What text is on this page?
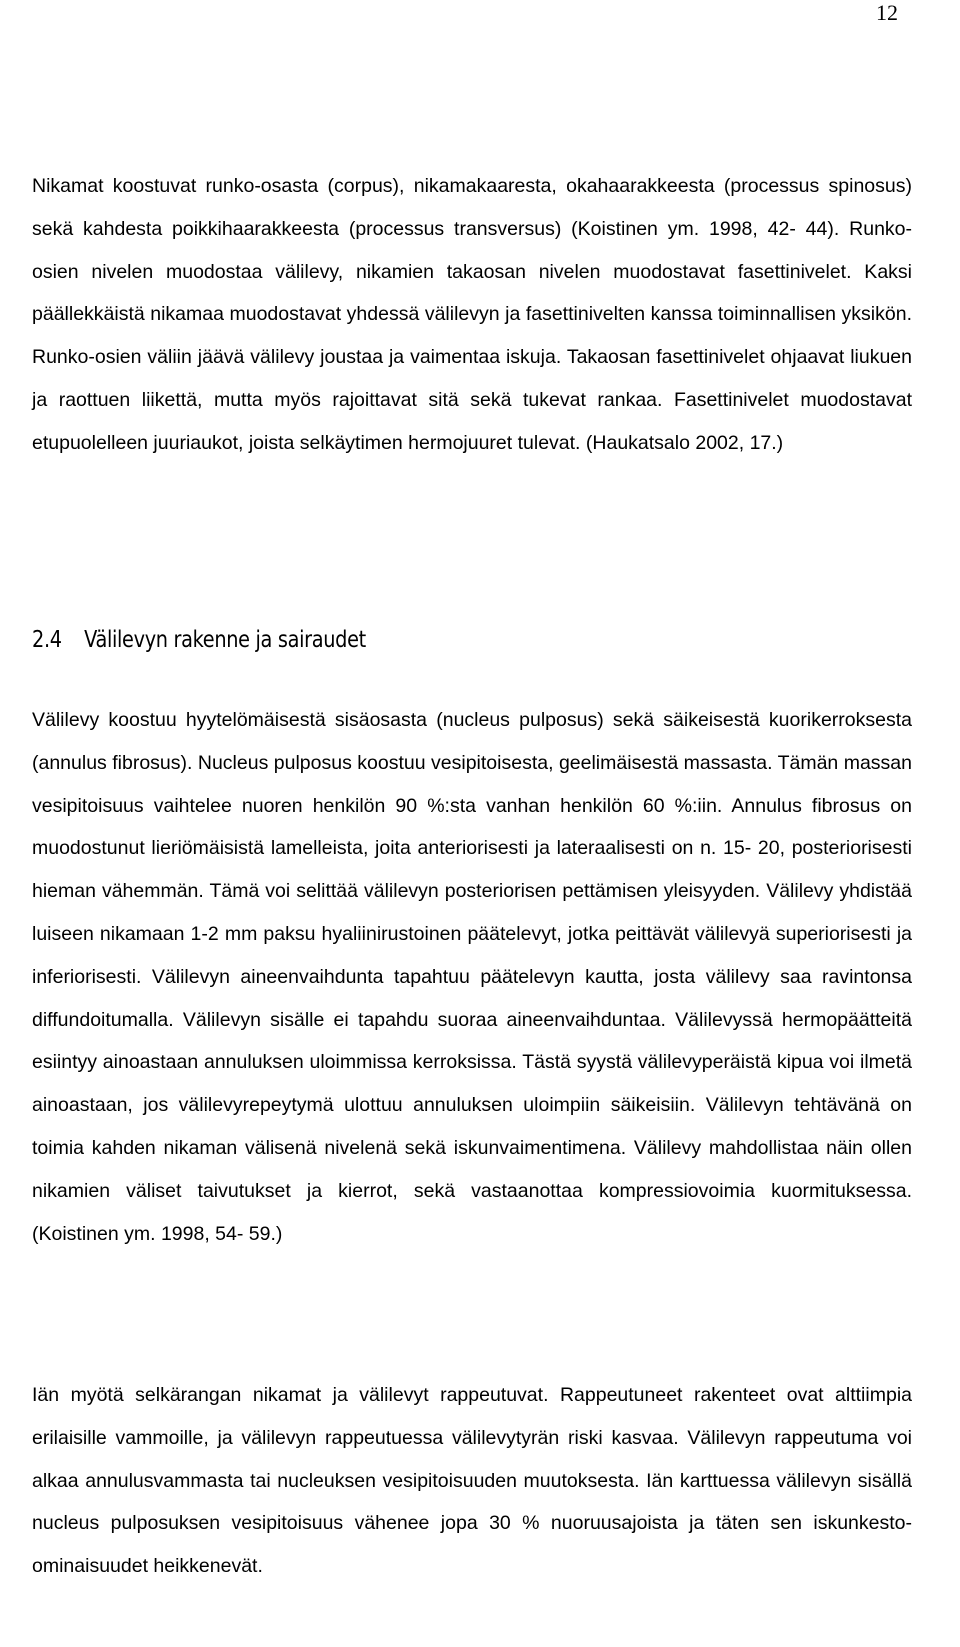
12

Nikamat koostuvat runko-osasta (corpus), nikamakaaresta, okahaarakkeesta (processus spinosus) sekä kahdesta poikkihaarakkeesta (processus transversus) (Koistinen ym. 1998, 42- 44). Runko-osien nivelen muodostaa välilevy, nikamien takaosan nivelen muodostavat fasettinivelet. Kaksi päällekkäistä nikamaa muodostavat yhdessä välilevyn ja fasettinivelten kanssa toiminnallisen yksikön. Runko-osien väliin jäävä välilevy joustaa ja vaimentaa iskuja. Takaosan fasettinivelet ohjaavat liukuen ja raottuen liikettä, mutta myös rajoittavat sitä sekä tukevat rankaa. Fasettinivelet muodostavat etupuolelleen juuriaukot, joista selkäytimen hermojuuret tulevat. (Haukatsalo 2002, 17.)

2.4 Välilevyn rakenne ja sairaudet

Välilevy koostuu hyytelömäisestä sisäosasta (nucleus pulposus) sekä säikeisestä kuorikerroksesta (annulus fibrosus). Nucleus pulposus koostuu vesipitoisesta, geelimäisestä massasta. Tämän massan vesipitoisuus vaihtelee nuoren henkilön 90 %:sta vanhan henkilön 60 %:iin. Annulus fibrosus on muodostunut lieriömäisistä lamelleista, joita anteriorisesti ja lateraalisesti on n. 15- 20, posteriorisesti hieman vähemmän. Tämä voi selittää välilevyn posteriorisen pettämisen yleisyyden. Välilevy yhdistää luiseen nikamaan 1-2 mm paksu hyaliinirustoinen päätelevyt, jotka peittävät välilevyä superiorisesti ja inferiorisesti. Välilevyn aineenvaihdunta tapahtuu päätelevyn kautta, josta välilevy saa ravintonsa diffundoitumalla. Välilevyn sisälle ei tapahdu suoraa aineenvaihduntaa. Välilevyssä hermopäätteitä esiintyy ainoastaan annuluksen uloimmissa kerroksissa. Tästä syystä välilevyperäistä kipua voi ilmetä ainoastaan, jos välilevyrepeytymä ulottuu annuluksen uloimpiin säikeisiin. Välilevyn tehtävänä on toimia kahden nikaman välisenä nivelenä sekä iskunvaimentimena. Välilevy mahdollistaa näin ollen nikamien väliset taivutukset ja kierrot, sekä vastaanottaa kompressiovoimia kuormituksessa. (Koistinen ym. 1998, 54- 59.)

Iän myötä selkärangan nikamat ja välilevyt rappeutuvat. Rappeutuneet rakenteet ovat alttiimpia erilaisille vammoille, ja välilevyn rappeutuessa välilevytyrän riski kasvaa. Välilevyn rappeutuma voi alkaa annulusvammasta tai nucleuksen vesipitoisuuden muutoksesta. Iän karttuessa välilevyn sisällä nucleus pulposuksen vesipitoisuus vähenee jopa 30 % nuoruusajoista ja täten sen iskunkesto-ominaisuudet heikkenevät.
